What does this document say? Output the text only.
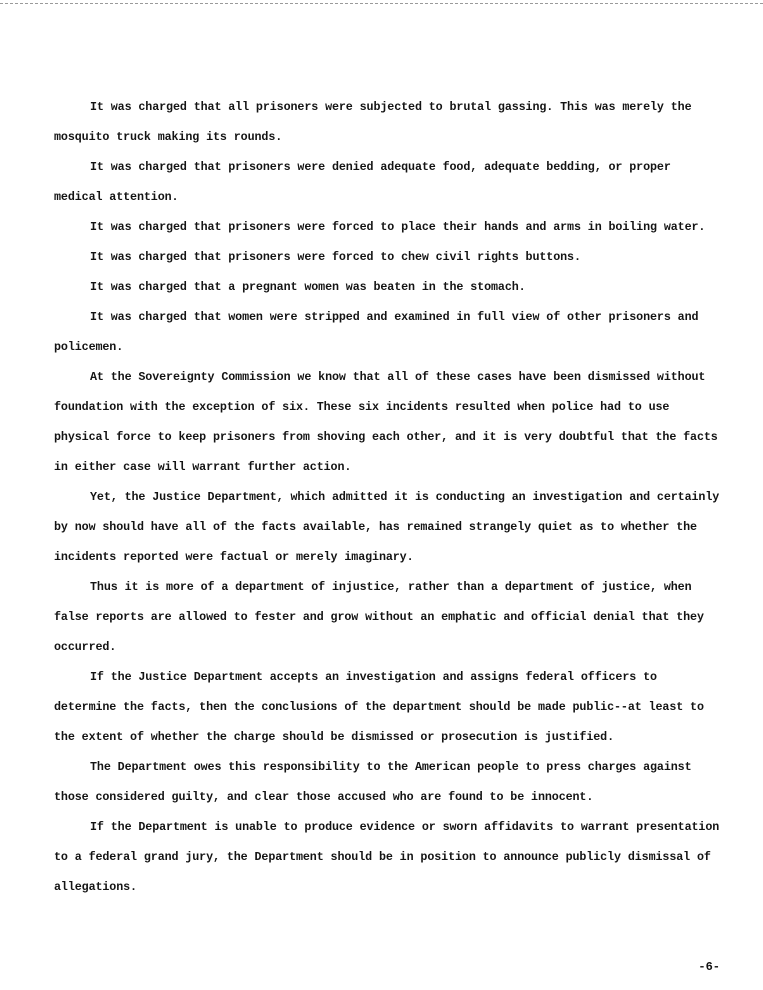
It was charged that all prisoners were subjected to brutal gassing. This was merely the mosquito truck making its rounds.

It was charged that prisoners were denied adequate food, adequate bedding, or proper medical attention.

It was charged that prisoners were forced to place their hands and arms in boiling water.

It was charged that prisoners were forced to chew civil rights buttons.

It was charged that a pregnant women was beaten in the stomach.

It was charged that women were stripped and examined in full view of other prisoners and policemen.

At the Sovereignty Commission we know that all of these cases have been dismissed without foundation with the exception of six. These six incidents resulted when police had to use physical force to keep prisoners from shoving each other, and it is very doubtful that the facts in either case will warrant further action.

Yet, the Justice Department, which admitted it is conducting an investigation and certainly by now should have all of the facts available, has remained strangely quiet as to whether the incidents reported were factual or merely imaginary.

Thus it is more of a department of injustice, rather than a department of justice, when false reports are allowed to fester and grow without an emphatic and official denial that they occurred.

If the Justice Department accepts an investigation and assigns federal officers to determine the facts, then the conclusions of the department should be made public--at least to the extent of whether the charge should be dismissed or prosecution is justified.

The Department owes this responsibility to the American people to press charges against those considered guilty, and clear those accused who are found to be innocent.

If the Department is unable to produce evidence or sworn affidavits to warrant presentation to a federal grand jury, the Department should be in position to announce publicly dismissal of allegations.

-6-
